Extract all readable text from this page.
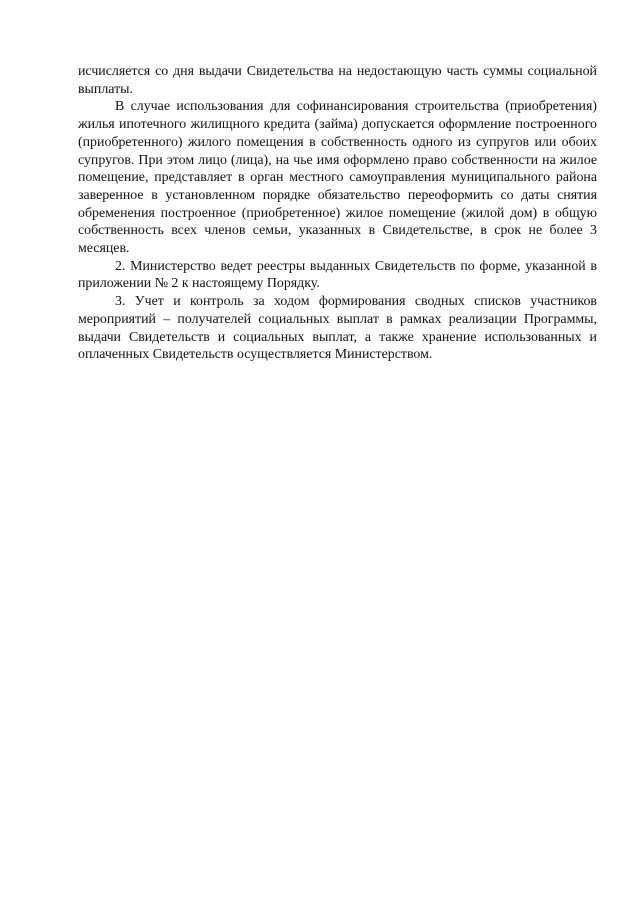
исчисляется со дня выдачи Свидетельства на недостающую часть суммы социальной выплаты.

В случае использования для софинансирования строительства (приобретения) жилья ипотечного жилищного кредита (займа) допускается оформление построенного (приобретенного) жилого помещения в собственность одного из супругов или обоих супругов. При этом лицо (лица), на чье имя оформлено право собственности на жилое помещение, представляет в орган местного самоуправления муниципального района заверенное в установленном порядке обязательство переоформить со даты снятия обременения построенное (приобретенное) жилое помещение (жилой дом) в общую собственность всех членов семьи, указанных в Свидетельстве, в срок не более 3 месяцев.

2. Министерство ведет реестры выданных Свидетельств по форме, указанной в приложении № 2 к настоящему Порядку.

3. Учет и контроль за ходом формирования сводных списков участников мероприятий – получателей социальных выплат в рамках реализации Программы, выдачи Свидетельств и социальных выплат, а также хранение использованных и оплаченных Свидетельств осуществляется Министерством.
